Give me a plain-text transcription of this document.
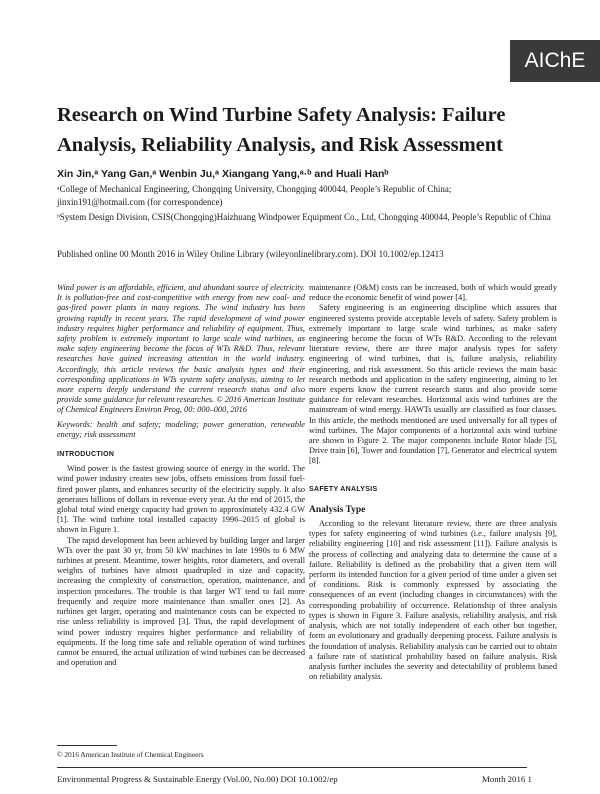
AIChE
Research on Wind Turbine Safety Analysis: Failure Analysis, Reliability Analysis, and Risk Assessment
Xin Jin,ᵃ Yang Gan,ᵃ Wenbin Ju,ᵃ Xiangang Yang,ᵃ·ᵇ and Huali Hanᵇ
ᵃCollege of Mechanical Engineering, Chongqing University, Chongqing 400044, People’s Republic of China;
jinxin191@hotmail.com (for correspondence)
ᵇSystem Design Division, CSIS(Chongqing)Haizhuang Windpower Equipment Co., Ltd, Chongqing 400044, People’s Republic of China
Published online 00 Month 2016 in Wiley Online Library (wileyonlinelibrary.com). DOI 10.1002/ep.12413

Wind power is an affordable, efficient, and abundant source of electricity. It is pollution-free and cost-competitive with energy from new coal- and gas-fired power plants in many regions. The wind industry has been growing rapidly in recent years. The rapid development of wind power industry requires higher performance and reliability of equipment. Thus, safety problem is extremely important to large scale wind turbines, as make safety engineering become the focus of WTs R&D. Thus, relevant researches have gained increasing attention in the world industry. Accordingly, this article reviews the basic analysis types and their corresponding applications in WTs system safety analysis, aiming to let more experts deeply understand the current research status and also provide some guidance for relevant researches. © 2016 American Institute of Chemical Engineers Environ Prog, 00: 000–000, 2016

Keywords: health and safety; modeling; power generation, renewable energy; risk assessment

INTRODUCTION

Wind power is the fastest growing source of energy in the world. The wind power industry creates new jobs, offsets emissions from fossil fuel-fired power plants, and enhances security of the electricity supply. It also generates billions of dollars in revenue every year. At the end of 2015, the global total wind energy capacity had grown to approximately 432.4 GW [1]. The wind turbine total installed capacity 1996–2015 of global is shown in Figure 1.

The rapid development has been achieved by building larger and larger WTs over the past 30 yr, from 50 kW machines in late 1990s to 6 MW turbines at present. Meantime, tower heights, rotor diameters, and overall weights of turbines have almost quadrupled in size and capacity, increasing the complexity of construction, operation, maintenance, and inspection procedures. The trouble is that larger WT tend to fail more frequently and require more maintenance than smaller ones [2]. As turbines get larger, operating and maintenance costs can be expected to rise unless reliability is improved [3]. Thus, the rapid development of wind power industry requires higher performance and reliability of equipments. If the long time safe and reliable operation of wind turbines cannot be ensured, the actual utilization of wind turbines can be decreased and operation and

maintenance (O&M) costs can be increased, both of which would greatly reduce the economic benefit of wind power [4].

Safety engineering is an engineering discipline which assures that engineered systems provide acceptable levels of safety. Safety problem is extremely important to large scale wind turbines, as make safety engineering become the focus of WTs R&D. According to the relevant literature review, there are three major analysis types for safety engineering of wind turbines, that is, failure analysis, reliability engineering, and risk assessment. So this article reviews the main basic research methods and application in the safety engineering, aiming to let more experts know the current research status and also provide some guidance for relevant researches. Horizontal axis wind turbines are the mainstream of wind energy. HAWTs usually are classified as four classes. In this article, the methods mentioned are used universally for all types of wind turbines. The Major components of a horizontal axis wind turbine are shown in Figure 2. The major components include Rotor blade [5], Drive train [6], Tower and foundation [7], Generator and electrical system [8].

SAFETY ANALYSIS
Analysis Type

According to the relevant literature review, there are three analysis types for safety engineering of wind turbines (i.e., failure analysis [9], reliability engineering [10] and risk assessment [11]). Failure analysis is the process of collecting and analyzing data to determine the cause of a failure. Reliability is defined as the probability that a given item will perform its intended function for a given period of time under a given set of conditions. Risk is commonly expressed by associating the consequences of an event (including changes in circumstances) with the corresponding probability of occurrence. Relationship of three analysis types is shown in Figure 3. Failure analysis, reliability analysis, and risk analysis, which are not totally independent of each other but together, form an evolutionary and gradually deepening process. Failure analysis is the foundation of analysis. Reliability analysis can be carried out to obtain a failure rate of statistical probability based on failure analysis. Risk analysis further includes the severity and detectability of problems based on reliability analysis.

© 2016 American Institute of Chemical Engineers
Environmental Progress & Sustainable Energy (Vol.00, No.00) DOI 10.1002/ep	Month 2016 1
